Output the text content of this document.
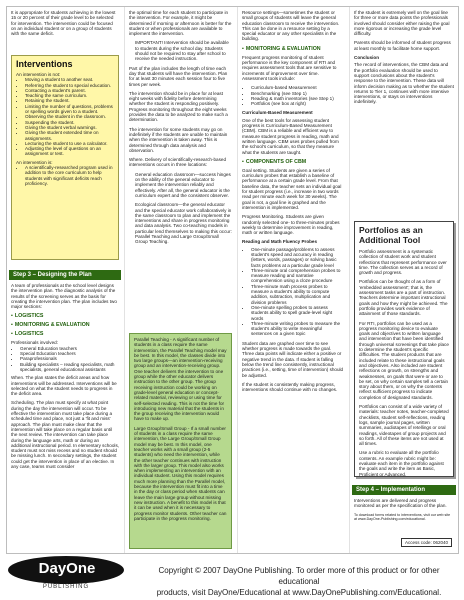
It is appropriate for students achieving in the lowest 15 or 20 percent of their grade level to be selected for intervention. The intervention could be focused on an individual student or on a group of students with the same deficit.

Interventions
An intervention is not:
• Moving a student to another seat.
• Referring the student to special education.
• Contacting a student's parent.
• Teaching the same curriculum.
• Retaining the student.
• Limiting the number of questions, problems or spelling words given to a student.
• Observing the student in the classroom.
• Suspending the student.
• Giving the student verbal warnings.
• Giving the student extended time on assignments.
• Lecturing the student to use a calculator.
• Adjusting the level of questions on an assignment or test.
An intervention is:
• A scientifically-researched program used in addition to the core curriculum to help students with significant deficits reach proficiency.
Step 3 – Designing the Plan

A team of professionals at the school level designs the intervention plan. The diagnostic analysis of the results of the screening serves as the basis for creating the intervention plan. The plan includes two major sections:

▪ LOGISTICS
▪ MONITORING & EVALUATION
▪ LOGISTICS

Professionals involved:

• General Education teachers
• Special Education teachers
• Paraprofessionals
• Building specialists – reading specialists, math specialists, general educational assistants

When. The plan states the deficit areas and how interventions will be addressed. Interventions will be selected on what the student needs to progress in the deficit area.

Scheduling. The plan must specify at what point during the day the intervention will occur. To be effective the intervention must take place during a scheduled time and place, not just a 'fit and miss' approach. The plan must make clear that the intervention will take place on a regular basis until the next review. The intervention can take place during the language arts, math or during an additional instructional period. In elementary schools, student must not miss recess and no student should be missing lunch. In secondary settings, the student could get the intervention in place of an elective. In any case, teams must consider

the optimal time for each student to participate in the intervention. For example, it might be determined if morning or afternoon is better for the student or when professionals are available to implement the intervention.

IMPORTANT! Intervention should be available to students during the school day. Students should not be required to stay after school to receive the needed instruction.

Part of the plan includes the length of time each day that students will have the intervention. Plan for at least 30 minutes each session four to five times per week.

The intervention should be in place for at least eight weeks with fidelity before determining whether the student is responding positively. Progress monitoring throughout the eight weeks provides the data to be analyzed to make such a determination.

The intervention for some students may go on indefinitely if the students are unable to maintain when the intervention is taken away. This is determined through data analysis and observation.

Where. Delivery of scientifically-research-based interventions occurs in three locations:

General education classroom—success hinges on the ability of the general educator to implement the intervention reliably and effectively. After all, the general educator is the curriculum expert and the consistent observer.

Ecological classroom—the general educator and the special educator work collaboratively in the same classroom to plan and implement the interventions and share in progress monitoring and data analysis. Two co-teaching models in particular lend themselves to making this occur: Parallel Teaching and Large Group/Small Group Teaching.

Parallel Teaching - A significant number of students in a class require the same intervention, the Parallel Teaching model may be best. In this model, the classes divide into two large groups—an intervention-receiving group and an intervention-receiving group. One teacher delivers the intervention to one group while the other educator delivers instruction to the other group. The group receiving instruction could be working on grade-level general education or concept-related material, reviewing or using time for self-selected reading. This is not the time for introducing new material that the students in the group receiving the intervention would have to make up.

Large Group/Small Group - If a small number of students in a class require the same intervention, the Large Group/Small Group model may be best. In this model, one teacher works with a small group (2-5 students) who need the intervention, while the other teacher continues with instruction with the larger group. This model also works when implementing an intervention with an individual student. Using this model requires much more planning than the Parallel model, because the intervention must fit into a time in the day or class period when students can leave the main large group without missing new instruction. A benefit to this model is that it can be used when it is necessary to progress monitor students. Other teacher can participate in the progress monitoring.

Resource settings—sometimes the student or small groups of students will leave the general education classroom to receive the intervention. This can be done in a resource setting by a special educator or any other specialists in the building.

▪ MONITORING & EVALUATION

Frequent progress monitoring of student performance is the key component of RTI and requires assessment tools that are sensitive to increments of improvement over time. Assessment tools include:

• Curriculum-based Measurement
• Benchmarking (see Step 1)
• Reading & math inventories (see Step 1)
• Portfolios (see box at right)
Curriculum-Based Measurement

One of the best tools for assessing student progress is Curriculum-Based Measurement (CBM). CBM is a reliable and efficient way to measure student progress in reading, math and written language. CBM uses probes pulled from the school's curriculum, so that they measure what the students are taught.

▪ COMPONENTS OF CBM

Goal setting. Students are given a series of curriculum probes that establish a baseline of performance at a certain grade level. From that baseline data, the teacher sets an individual goal for student progress (i.e., increase in two words read per minute each week for 30 weeks). The goal is not, a goal line is graphed and the intervention is implemented.

Progress Monitoring. Students are given randomly selected one- to three-minutes probes weekly to determine improvement in reading, math or written language.

Reading and Math Fluency Probes
• One-minute passage/problems to assess student's speed and accuracy in reading (letters, words, passages) or solving basic facts problems at a particular grade level
• Three-minute oral comprehension probes to measure reading and narrative comprehension using a cloze procedure
• Three-minute math process probes to measure a student's ability to compute addition, subtraction, multiplication and division problems
• One-minute spelling probes to assess students ability to spell grade-level sight words
• Three-minute writing probes to measure the student's ability to write meaningful sentences on a given topic

Student data are graphed over time to see whether progress is made towards the goal. Three data points will indicate either a positive or negative trend in the data. If student is falling below the trend line consistently, instructional practices (i.e., setting, time of intervention) should be adjusted.

If the student is consistently making progress, interventions should continue with no changes.

If the student is extremely well on the goal line for three or more data points the professionals involved should consider either raising the goal more rigorous or increasing the grade level difficulty.

Parents should be informed of student progress at least monthly to facilitate home support.

Conclusion

The record of interventions, the CBM data and the portfolio evaluation should be used to support conclusions about the student's response to the intervention. These data will inform decision making as to whether the student returns to Tier 1, continues with more intensive interventions, or stays on interventions indefinitely.

Portfolios as an Additional Tool

Portfolio assessment is a systematic collection of student work and student reflections that represent performance over time. The collection serves as a record of growth and progress.

Portfolios can be thought of as a form of 'embedded assessment'; that is, the assessment tasks are a part of instruction. Teachers determine important instructional goals and how they might be achieved. The portfolio provides work evidence of attainment of those standards.

For RTI, portfolios can be used as a progress monitoring device to evaluate goals and objectives to written language and intervention that have been identified through universal screenings that take place to determine the student's specific difficulties. The student products that are included relate to these instructional goals and objectives. Also included are student reflections on growth, on strengths and weaknesses, on goals that were or are to be set, on why certain samples tell a certain story about them, or on why the contents reflect sufficient progress to indicate completion of designated standards.

Portfolios can consist of a wide variety of materials: teacher notes, teacher-completed checklists, student self-reflections, reading logs, sample journal pages, written summaries, audiotapes of retellings or oral readings, videotapes of group projects and so forth. All of these items are not used at all times.

Use a rubric to evaluate all the portfolio contents. An example rubric might be: evaluate each item in the portfolio against the goals and write the item as Basic, Proficient or Advanced.

Step 4 – Implementation

Interventions are delivered and progress monitored as per the specification of the plan.

To download forms related to interventions, visit our web site at www.DayOne-Publishing.com/educational.

Access code: 062040
DayOne
PUBLISHING
Copyright © 2007 DayOne Publishing. To order more of this product or for other educational
products, visit DayOne/Educational at www.DayOnePublishing.com/Educational.
